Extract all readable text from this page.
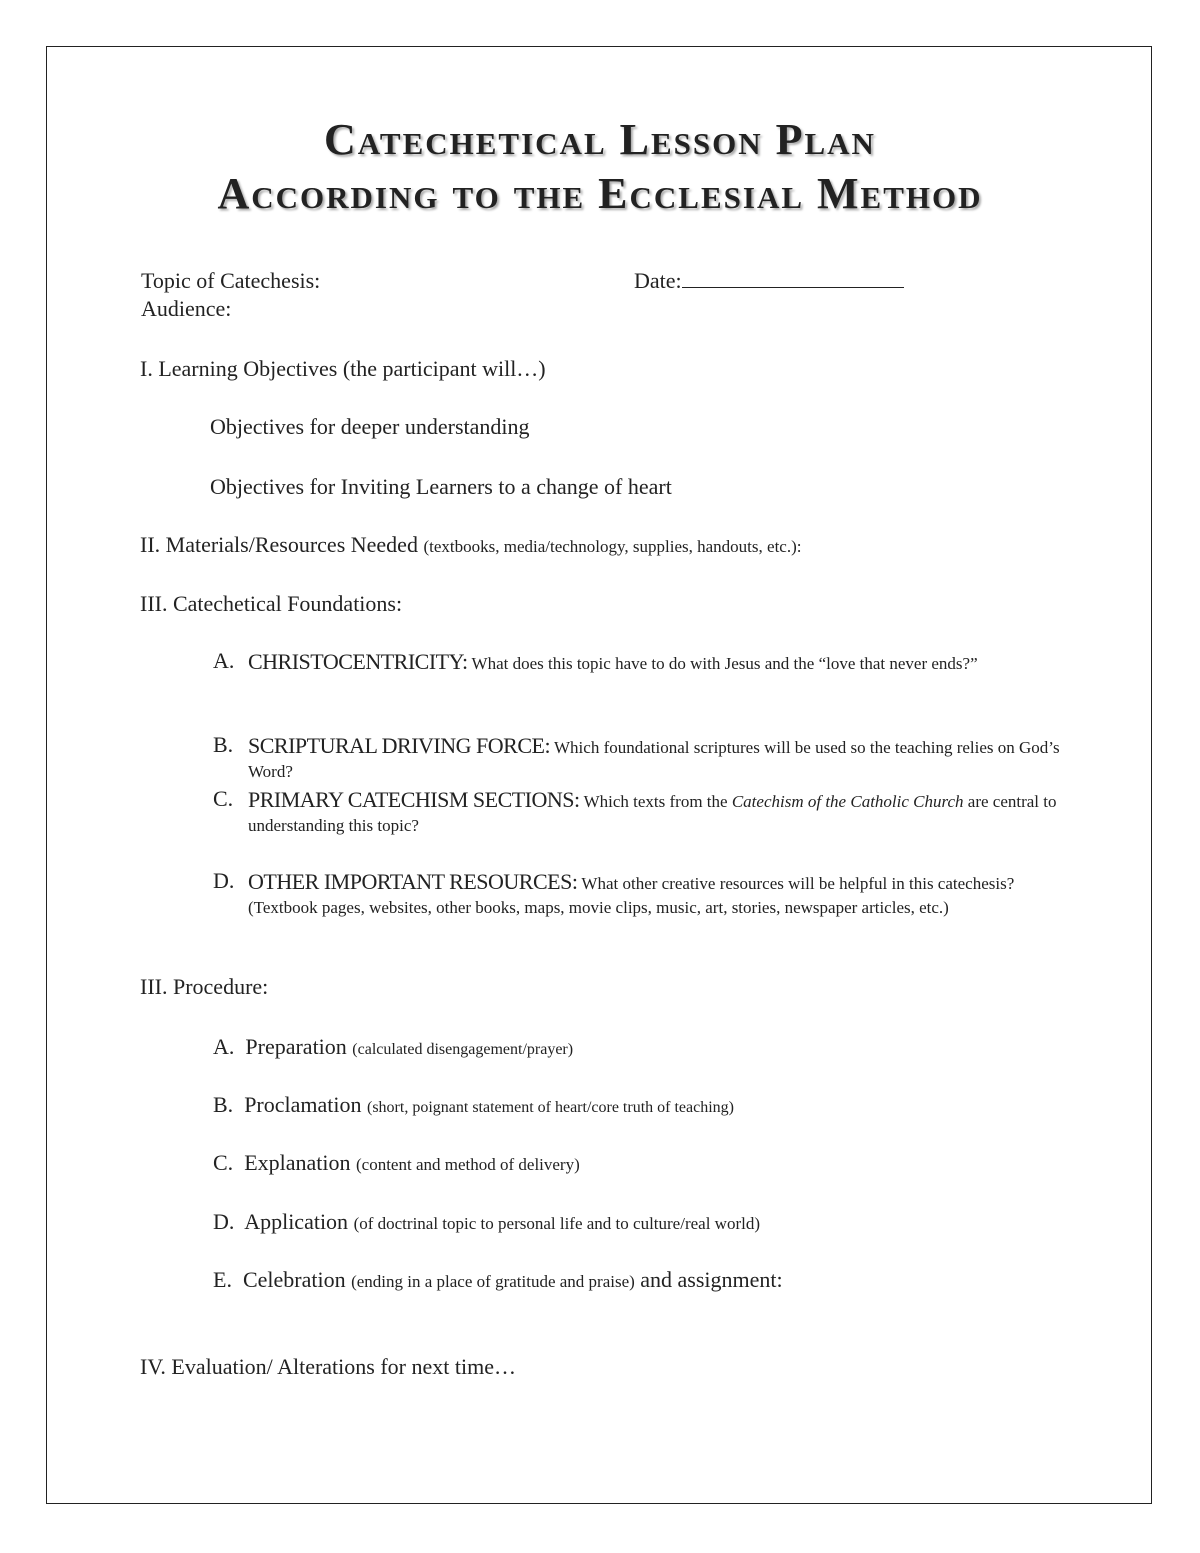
Catechetical Lesson Plan
According to the Ecclesial Method
Topic of Catechesis:	Date:
Audience:
I. Learning Objectives (the participant will…)
Objectives for deeper understanding
Objectives for Inviting Learners to a change of heart
II. Materials/Resources Needed (textbooks, media/technology, supplies, handouts, etc.):
III. Catechetical Foundations:
A. CHRISTOCENTRICITY: What does this topic have to do with Jesus and the “love that never ends?”
B. SCRIPTURAL DRIVING FORCE: Which foundational scriptures will be used so the teaching relies on God’s Word?
C. PRIMARY CATECHISM SECTIONS: Which texts from the Catechism of the Catholic Church are central to understanding this topic?
D. OTHER IMPORTANT RESOURCES: What other creative resources will be helpful in this catechesis? (Textbook pages, websites, other books, maps, movie clips, music, art, stories, newspaper articles, etc.)
III. Procedure:
A. Preparation (calculated disengagement/prayer)
B. Proclamation (short, poignant statement of heart/core truth of teaching)
C. Explanation (content and method of delivery)
D. Application (of doctrinal topic to personal life and to culture/real world)
E. Celebration (ending in a place of gratitude and praise) and assignment:
IV. Evaluation/ Alterations for next time…
